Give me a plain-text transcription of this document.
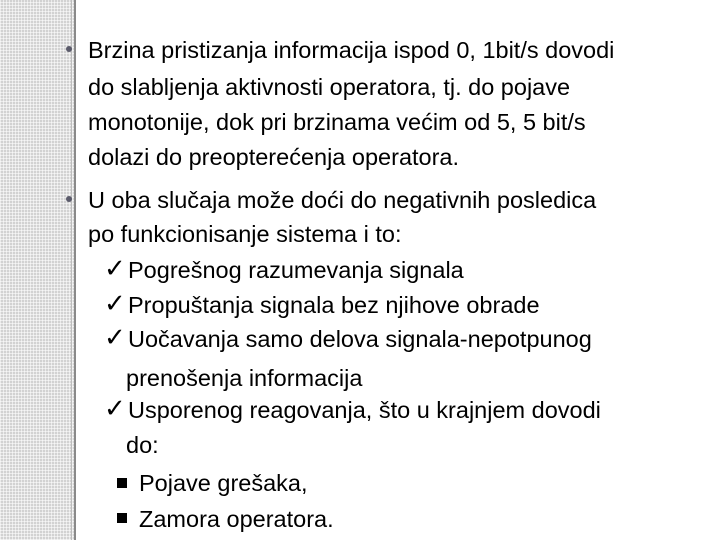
Brzina pristizanja informacija ispod 0, 1bit/s dovodi
do slabljenja aktivnosti operatora, tj. do pojave
monotonije, dok pri brzinama većim od 5, 5 bit/s
dolazi do preopterećenja operatora.
U oba slučaja može doći do negativnih posledica
po funkcionisanje sistema i to:
✓ Pogrešnog razumevanja signala
✓ Propuštanja signala bez njihove obrade
✓ Uočavanja samo delova signala-nepotpunog
prenošenja informacija
✓ Usporenog reagovanja, što u krajnjem dovodi
do:
Pojave grešaka,
Zamora operatora.
